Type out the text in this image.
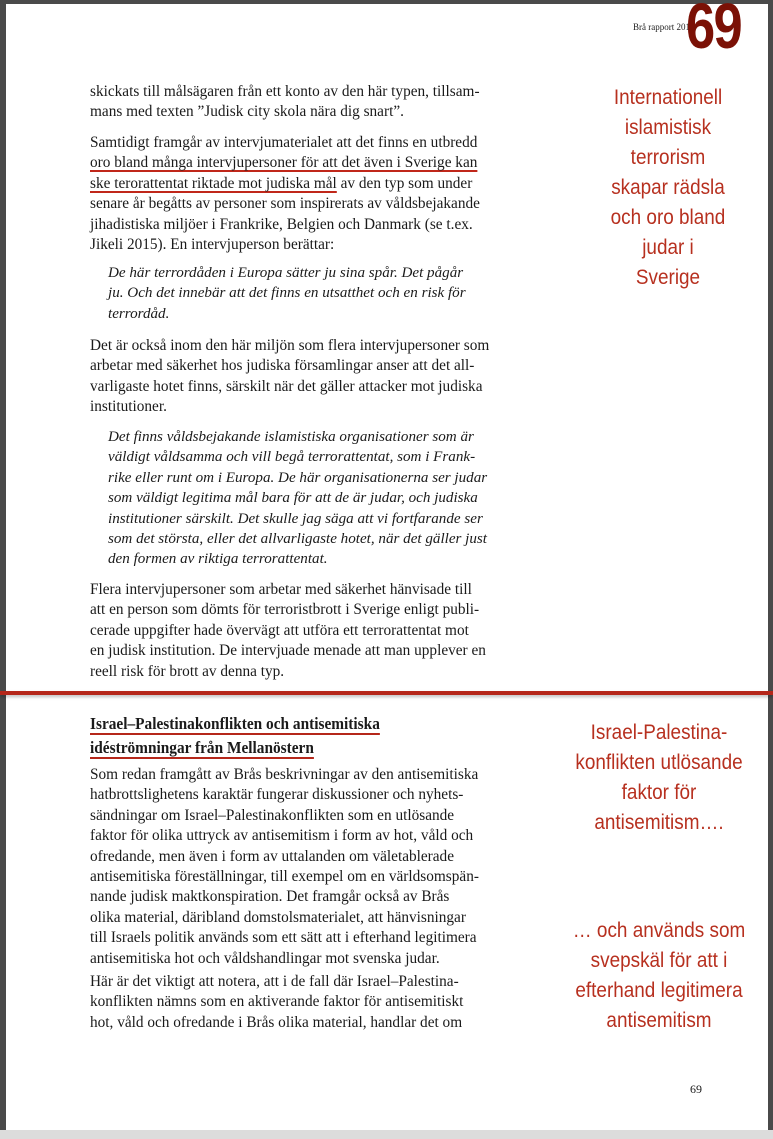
Brå rapport 201
69
skickats till målsägaren från ett konto av den här typen, tillsam-
mans med texten ”Judisk city skola nära dig snart”.
Samtidigt framgår av intervjumaterialet att det finns en utbredd
oro bland många intervjupersoner för att det även i Sverige kan
ske terorattentat riktade mot judiska mål av den typ som under
senare år begåtts av personer som inspirerats av våldsbejakande
jihadistiska miljöer i Frankrike, Belgien och Danmark (se t.ex.
Jikeli 2015). En intervjuperson berättar:
De här terrordåden i Europa sätter ju sina spår. Det pågår
ju. Och det innebär att det finns en utsatthet och en risk för
terrordåd.
Det är också inom den här miljön som flera intervjupersoner som
arbetar med säkerhet hos judiska församlingar anser att det all-
varligaste hotet finns, särskilt när det gäller attacker mot judiska
institutioner.
Det finns våldsbejakande islamistiska organisationer som är
väldigt våldsamma och vill begå terrorattentat, som i Frank-
rike eller runt om i Europa. De här organisationerna ser judar
som väldigt legitima mål bara för att de är judar, och judiska
institutioner särskilt. Det skulle jag säga att vi fortfarande ser
som det största, eller det allvarligaste hotet, när det gäller just
den formen av riktiga terrorattentat.
Flera intervjupersoner som arbetar med säkerhet hänvisade till
att en person som dömts för terroristbrott i Sverige enligt publi-
cerade uppgifter hade övervägt att utföra ett terrorattentat mot
en judisk institution. De intervjuade menade att man upplever en
reell risk för brott av denna typ.
Israel–Palestinakonflikten och antisemitiska
idéströmningar från Mellanöstern
Som redan framgått av Brås beskrivningar av den antisemitiska
hatbrottslighetens karaktär fungerar diskussioner och nyhets-
sändningar om Israel–Palestinakonflikten som en utlösande
faktor för olika uttryck av antisemitism i form av hot, våld och
ofredande, men även i form av uttalanden om väletablerade
antisemitiska föreställningar, till exempel om en världsomspän-
nande judisk maktkonspiration. Det framgår också av Brås
olika material, däribland domstolsmaterialet, att hänvisningar
till Israels politik används som ett sätt att i efterhand legitimera
antisemitiska hot och våldshandlingar mot svenska judar.
Här är det viktigt att notera, att i de fall där Israel–Palestina-
konflikten nämns som en aktiverande faktor för antisemitiskt
hot, våld och ofredande i Brås olika material, handlar det om
Internationell
islamistisk
terrorism
skapar rädsla
och oro bland
judar i
Sverige
Israel-Palestina-
konflikten utlösande
faktor för
antisemitism….
… och används som
svepskäl för att i
efterhand legitimera
antisemitism
69
